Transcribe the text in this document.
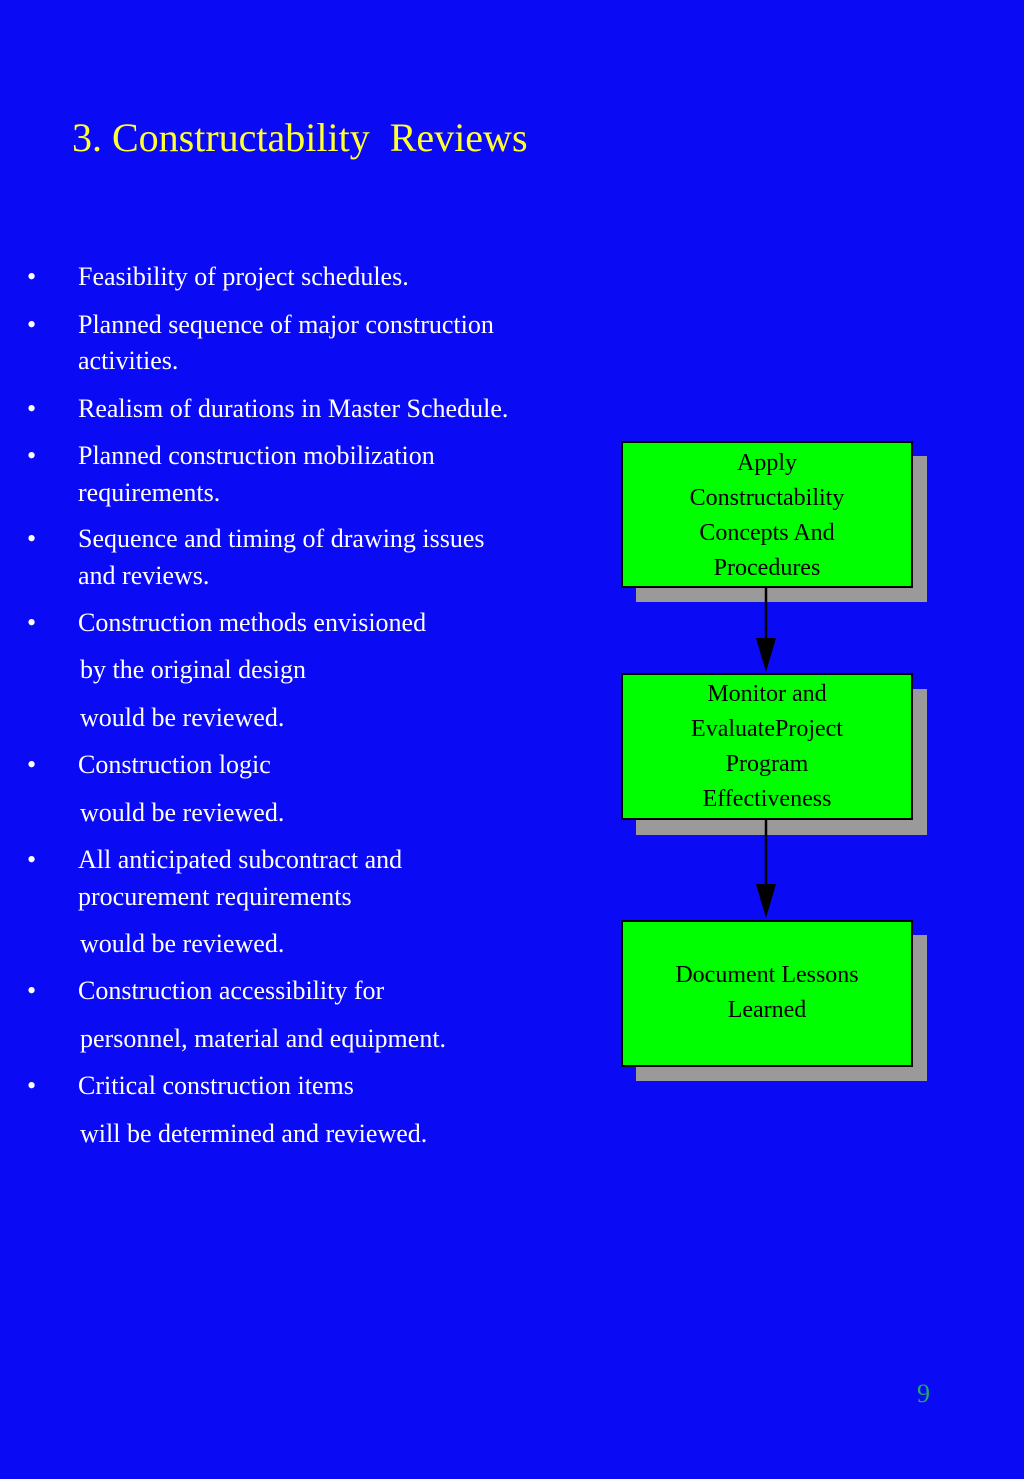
3. Constructability  Reviews
• Feasibility of project schedules.
• Planned sequence of major construction
activities.
• Realism of durations in Master Schedule.
• Planned construction mobilization
requirements.
• Sequence and timing of drawing issues
and reviews.
• Construction methods envisioned
by the original design
would be reviewed.
• Construction logic
would be reviewed.
• All anticipated subcontract and
procurement requirements
would be reviewed.
• Construction accessibility for
personnel, material and equipment.
• Critical construction items
will be determined and reviewed.
Apply
Constructability
Concepts And
Procedures
Monitor and
EvaluateProject
Program
Effectiveness
Document Lessons
Learned
9
